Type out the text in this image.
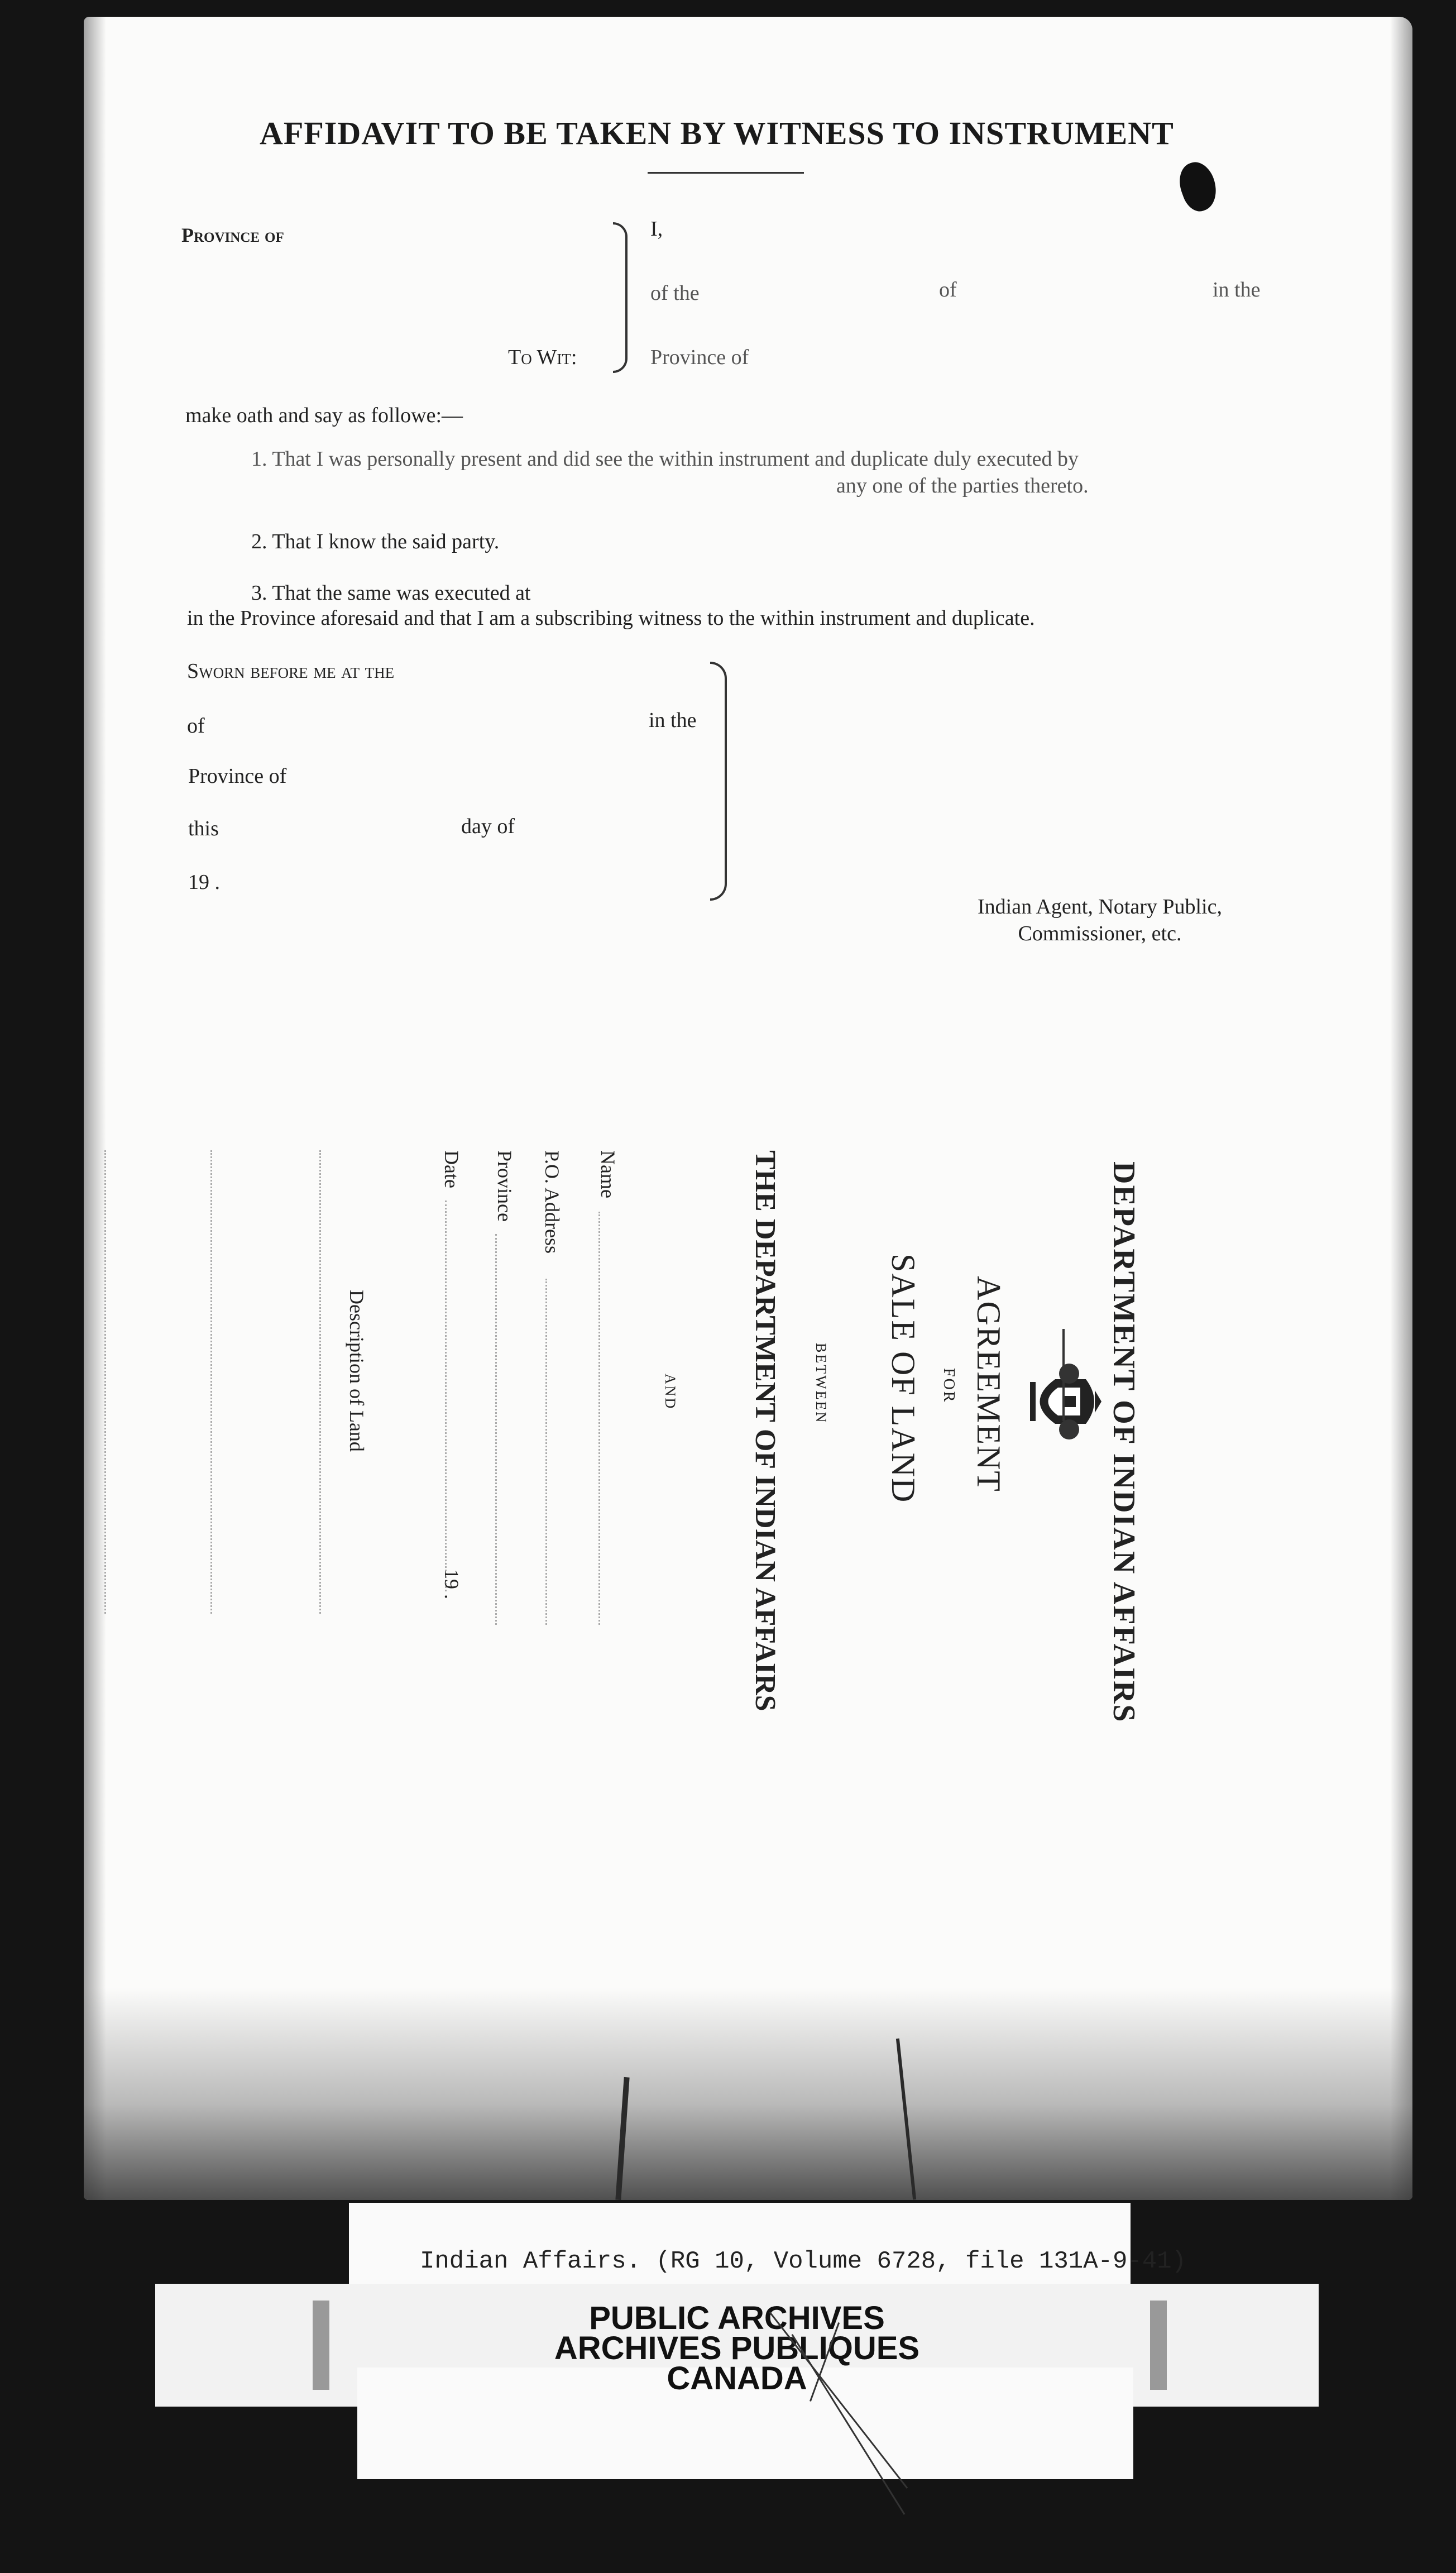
AFFIDAVIT TO BE TAKEN BY WITNESS TO INSTRUMENT
Province of
To Wit:
I,
of the	of	in the
Province of
make oath and say as followe:—
1. That I was personally present and did see the within instrument and duplicate duly executed by
any one of the parties thereto.
2. That I know the said party.
3. That the same was executed at
in the Province aforesaid and that I am a subscribing witness to the within instrument and duplicate.
Sworn before me at the
of	in the
Province of
this	day of
19 .
Indian Agent, Notary Public,
Commissioner, etc.
DEPARTMENT OF INDIAN AFFAIRS
AGREEMENT
FOR
SALE OF LAND
BETWEEN
THE DEPARTMENT OF INDIAN AFFAIRS
AND
Name
P.O. Address
Province
Date
19 .
Description of Land
Indian Affairs. (RG 10, Volume 6728, file 131A-9-41)
PUBLIC ARCHIVES
ARCHIVES PUBLIQUES
CANADA
